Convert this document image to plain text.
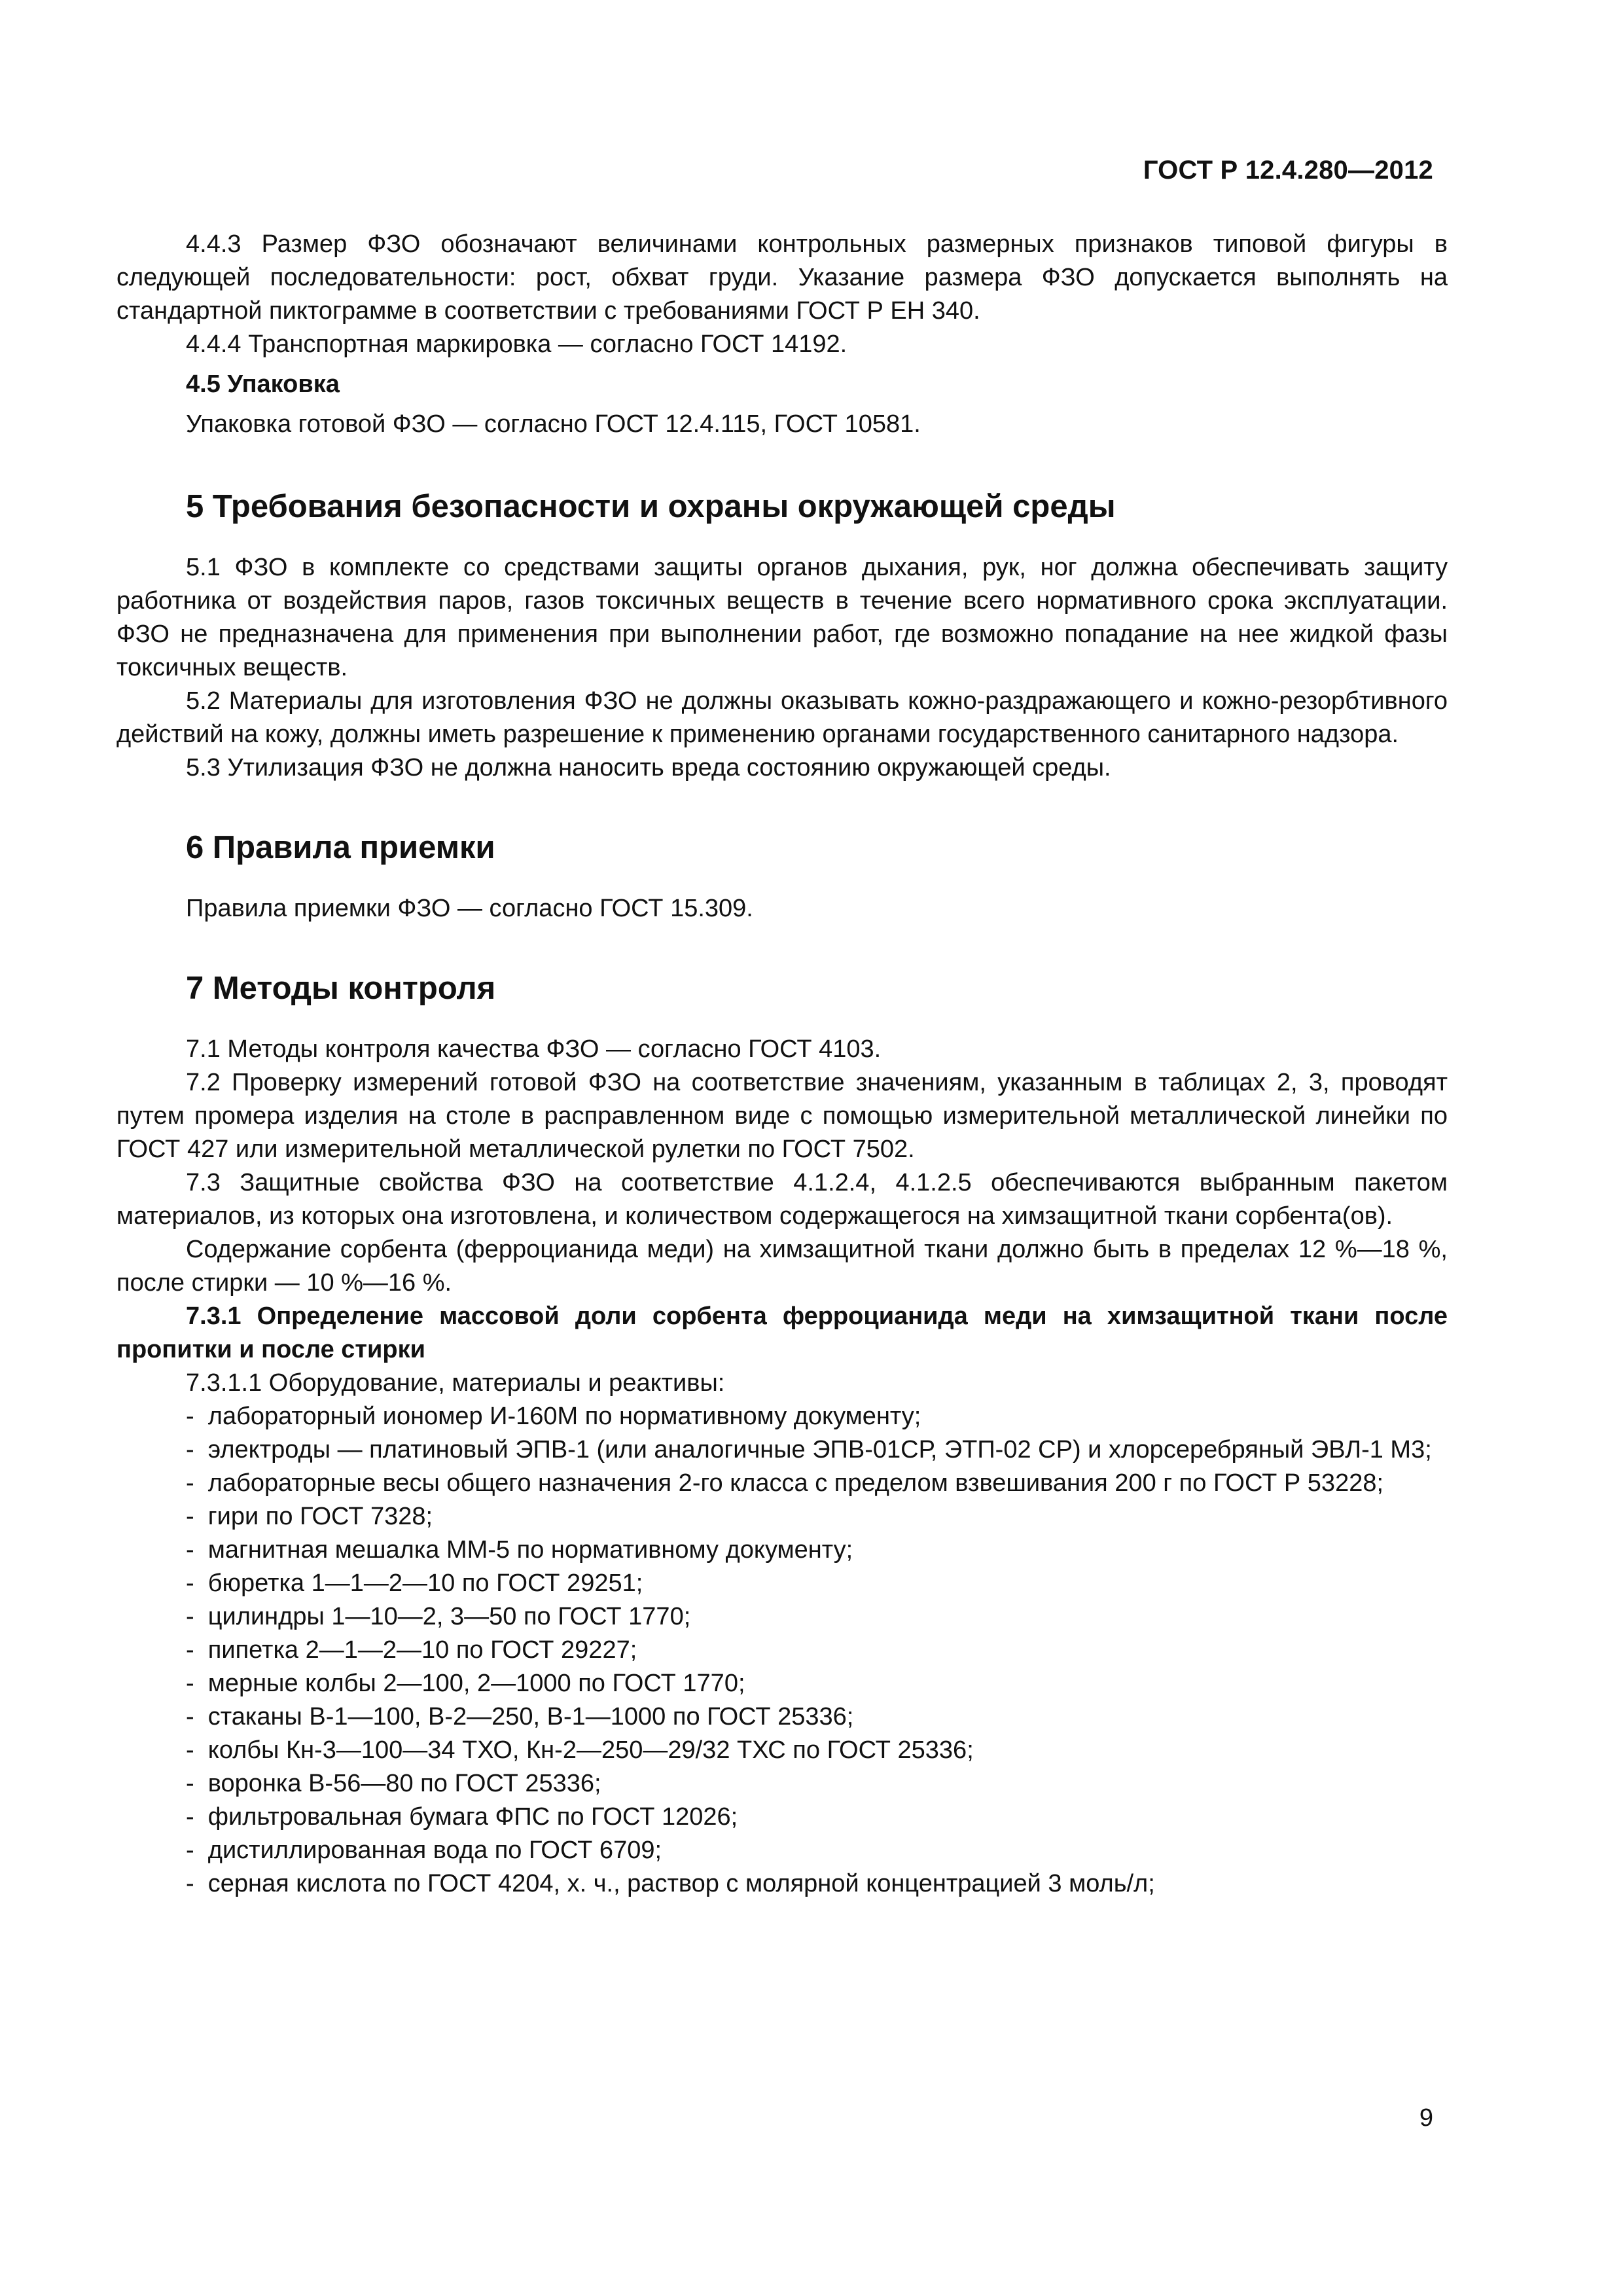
ГОСТ Р 12.4.280—2012

4.4.3 Размер ФЗО обозначают величинами контрольных размерных признаков типовой фигуры в следующей последовательности: рост, обхват груди. Указание размера ФЗО допускается выполнять на стандартной пиктограмме в соответствии с требованиями ГОСТ Р ЕН 340.

4.4.4 Транспортная маркировка — согласно ГОСТ 14192.

4.5 Упаковка

Упаковка готовой ФЗО — согласно ГОСТ 12.4.115, ГОСТ 10581.

5 Требования безопасности и охраны окружающей среды

5.1 ФЗО в комплекте со средствами защиты органов дыхания, рук, ног должна обеспечивать защиту работника от воздействия паров, газов токсичных веществ в течение всего нормативного срока эксплуатации. ФЗО не предназначена для применения при выполнении работ, где возможно попадание на нее жидкой фазы токсичных веществ.

5.2 Материалы для изготовления ФЗО не должны оказывать кожно-раздражающего и кожно-резорбтивного действий на кожу, должны иметь разрешение к применению органами государственного санитарного надзора.

5.3 Утилизация ФЗО не должна наносить вреда состоянию окружающей среды.

6 Правила приемки

Правила приемки ФЗО — согласно ГОСТ 15.309.

7 Методы контроля

7.1 Методы контроля качества ФЗО — согласно ГОСТ 4103.

7.2 Проверку измерений готовой ФЗО на соответствие значениям, указанным в таблицах 2, 3, проводят путем промера изделия на столе в расправленном виде с помощью измерительной металлической линейки по ГОСТ 427 или измерительной металлической рулетки по ГОСТ 7502.

7.3 Защитные свойства ФЗО на соответствие 4.1.2.4, 4.1.2.5 обеспечиваются выбранным пакетом материалов, из которых она изготовлена, и количеством содержащегося на химзащитной ткани сорбента(ов).

Содержание сорбента (ферроцианида меди) на химзащитной ткани должно быть в пределах 12 %—18 %, после стирки — 10 %—16 %.

7.3.1 Определение массовой доли сорбента ферроцианида меди на химзащитной ткани после пропитки и после стирки

7.3.1.1 Оборудование, материалы и реактивы:

-  лабораторный иономер И-160М по нормативному документу;
-  электроды — платиновый ЭПВ-1 (или аналогичные ЭПВ-01СР, ЭТП-02 СР) и хлорсеребряный ЭВЛ-1 М3;
-  лабораторные весы общего назначения 2-го класса с пределом взвешивания 200 г по ГОСТ Р 53228;
-  гири по ГОСТ 7328;
-  магнитная мешалка ММ-5 по нормативному документу;
-  бюретка 1—1—2—10 по ГОСТ 29251;
-  цилиндры 1—10—2, 3—50 по ГОСТ 1770;
-  пипетка 2—1—2—10 по ГОСТ 29227;
-  мерные колбы 2—100, 2—1000 по ГОСТ 1770;
-  стаканы В-1—100, В-2—250, В-1—1000 по ГОСТ 25336;
-  колбы Кн-3—100—34 ТХО, Кн-2—250—29/32 ТХС по ГОСТ 25336;
-  воронка В-56—80 по ГОСТ 25336;
-  фильтровальная бумага ФПС по ГОСТ 12026;
-  дистиллированная вода по ГОСТ 6709;
-  серная кислота по ГОСТ 4204, х. ч., раствор с молярной концентрацией 3 моль/л;
9
